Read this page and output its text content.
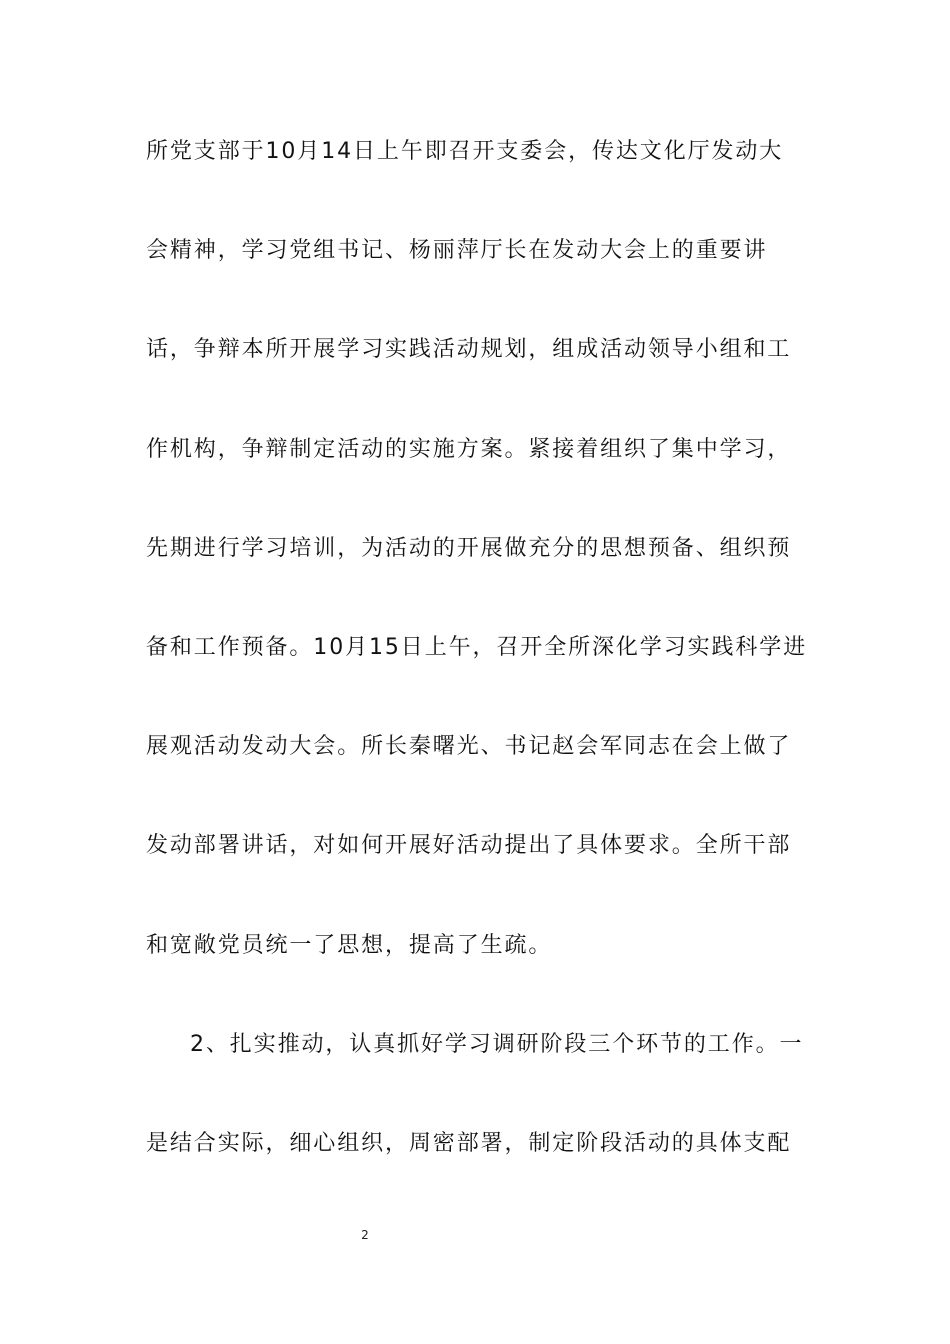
所党支部于10月14日上午即召开支委会，传达文化厅发动大
会精神，学习党组书记、杨丽萍厅长在发动大会上的重要讲
话，争辩本所开展学习实践活动规划，组成活动领导小组和工
作机构，争辩制定活动的实施方案。紧接着组织了集中学习，
先期进行学习培训，为活动的开展做充分的思想预备、组织预
备和工作预备。10月15日上午，召开全所深化学习实践科学进
展观活动发动大会。所长秦曙光、书记赵会军同志在会上做了
发动部署讲话，对如何开展好活动提出了具体要求。全所干部
和宽敞党员统一了思想，提高了生疏。
2、扎实推动，认真抓好学习调研阶段三个环节的工作。一
是结合实际，细心组织，周密部署，制定阶段活动的具体支配
2
